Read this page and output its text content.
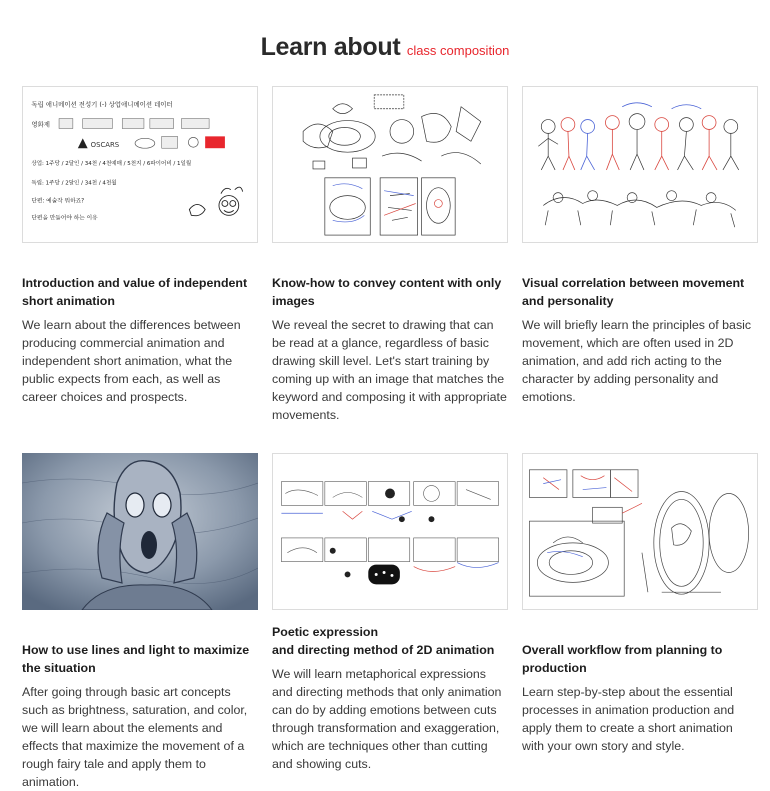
Learn about class composition
독립 애니메이션 전성기 (-) 상업애니메이션 데이터
영화제
OSCARS
상업: 1주당 / 2달인 / 34천 / 4천예매 / 5천지 / 6파이어비 / 1일월
독립: 1주당 / 2달인 / 34천 / 4천월
단편: 예술작 뭐하죠?
단편을 만들어야 하는 이유

Introduction and value of independent short animation

We learn about the differences between producing commercial animation and independent short animation, what the public expects from each, as well as career choices and prospects.

Know-how to convey content with only images

We reveal the secret to drawing that can be read at a glance, regardless of basic drawing skill level. Let's start training by coming up with an image that matches the keyword and composing it with appropriate movements.

Visual correlation between movement and personality

We will briefly learn the principles of basic movement, which are often used in 2D animation, and add rich acting to the character by adding personality and emotions.

How to use lines and light to maximize the situation

After going through basic art concepts such as brightness, saturation, and color, we will learn about the elements and effects that maximize the movement of a rough fairy tale and apply them to animation.

Poetic expression

and directing method of 2D animation

We will learn metaphorical expressions and directing methods that only animation can do by adding emotions between cuts through transformation and exaggeration, which are techniques other than cutting and showing cuts.

Overall workflow from planning to production

Learn step-by-step about the essential processes in animation production and apply them to create a short animation with your own story and style.
